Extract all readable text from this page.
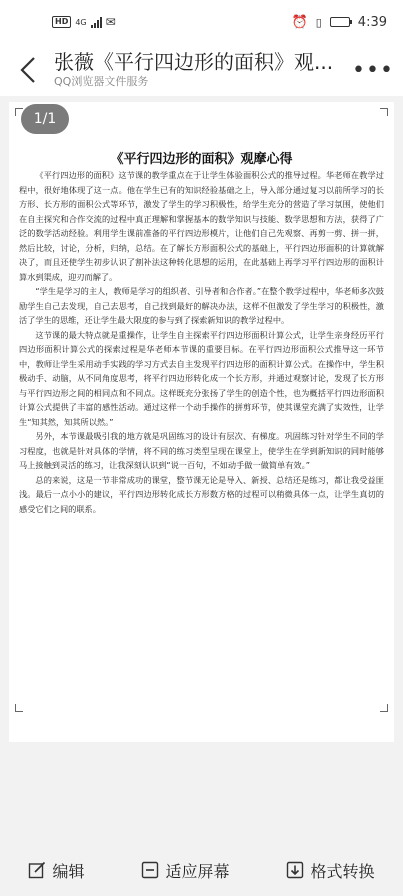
HD 4G ✉	⏰ ▯	4:39
张薇《平行四边形的面积》观...
QQ浏览器文件服务	•••
《平行四边形的面积》观摩心得

《平行四边形的面积》这节课的教学重点在于让学生体验面积公式的推导过程。华老师在教学过程中，很好地体现了这一点。他在学生已有的知识经验基础之上，导入部分通过复习以前所学习的长方形、长方形的面积公式等环节，激发了学生的学习积极性，给学生充分的营造了学习氛围，使他们在自主探究和合作交流的过程中真正理解和掌握基本的数学知识与技能、数学思想和方法，获得了广泛的数学活动经验。利用学生课前准备的平行四边形模片，让他们自己先观察、再剪一剪、拼一拼，然后比较，讨论，分析，归纳，总结。在了解长方形面积公式的基础上，平行四边形面积的计算就解决了，而且还使学生初步认识了割补法这种转化思想的运用，在此基础上再学习平行四边形的面积计算水到渠成，迎刃而解了。

“学生是学习的主人，教师是学习的组织者、引导者和合作者。”在整个教学过程中，华老师多次鼓励学生自己去发现，自己去思考，自己找到最好的解决办法，这样不但激发了学生学习的积极性，激活了学生的思维，还让学生最大限度的参与到了探索新知识的教学过程中。

这节课的最大特点就是重操作，让学生自主探索平行四边形面积计算公式，让学生亲身经历平行四边形面积计算公式的探索过程是华老师本节课的重要目标。在平行四边形面积公式推导这一环节中，教师让学生采用动手实践的学习方式去自主发现平行四边形的面积计算公式。在操作中，学生积极动手、动脑，从不同角度思考，将平行四边形转化成一个长方形，并通过观察讨论，发现了长方形与平行四边形之间的相同点和不同点。这样既充分张扬了学生的创造个性，也为概括平行四边形面积计算公式提供了丰富的感性活动。通过这样一个动手操作的拼剪环节，使其课堂充满了实效性，让学生“知其然，知其所以然。”

另外，本节课最吸引我的地方就是巩固练习的设计有层次、有梯度。巩固练习针对学生不同的学习程度，也就是针对具体的学情，将不同的练习类型呈现在课堂上，使学生在学到新知识的同时能够马上接触到灵活的练习，让我深刻认识到“说一百句，不如动手做一做简单有效。”

总的来说，这是一节非常成功的课堂，整节课无论是导入、新授、总结还是练习，都让我受益匪浅。最后一点小小的建议，平行四边形转化成长方形数方格的过程可以稍微具体一点，让学生真切的感受它们之间的联系。

1/1
编辑	适应屏幕	格式转换
